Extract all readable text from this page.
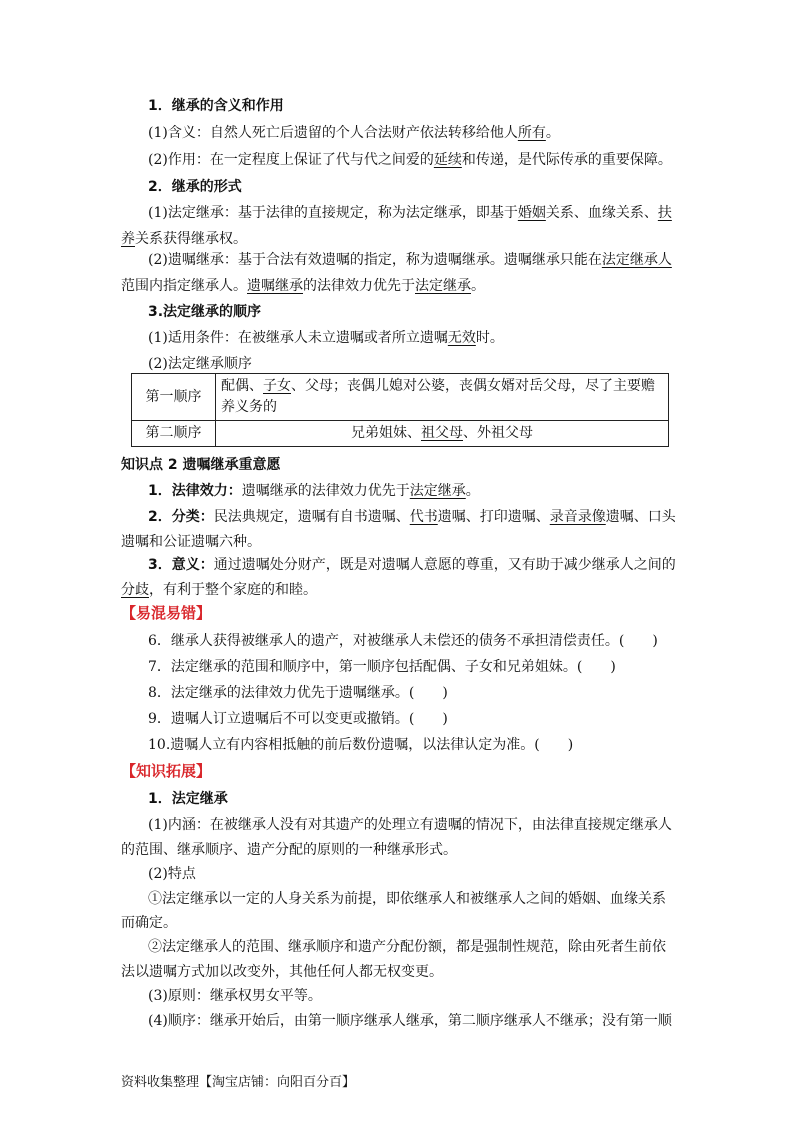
1．继承的含义和作用
(1)含义：自然人死亡后遗留的个人合法财产依法转移给他人所有。
(2)作用：在一定程度上保证了代与代之间爱的延续和传递，是代际传承的重要保障。
2．继承的形式
(1)法定继承：基于法律的直接规定，称为法定继承，即基于婚姻关系、血缘关系、扶
养关系获得继承权。
(2)遗嘱继承：基于合法有效遗嘱的指定，称为遗嘱继承。遗嘱继承只能在法定继承人
范围内指定继承人。遗嘱继承的法律效力优先于法定继承。
3.法定继承的顺序
(1)适用条件：在被继承人未立遗嘱或者所立遗嘱无效时。
(2)法定继承顺序
第一顺序	配偶、子女、父母；丧偶儿媳对公婆，丧偶女婿对岳父母，尽了主要赡
养义务的
第二顺序	兄弟姐妹、祖父母、外祖父母
知识点 2 遗嘱继承重意愿
1．法律效力：遗嘱继承的法律效力优先于法定继承。
2．分类：民法典规定，遗嘱有自书遗嘱、代书遗嘱、打印遗嘱、录音录像遗嘱、口头
遗嘱和公证遗嘱六种。
3．意义：通过遗嘱处分财产，既是对遗嘱人意愿的尊重，又有助于减少继承人之间的
分歧，有利于整个家庭的和睦。
【易混易错】
6．继承人获得被继承人的遗产，对被继承人未偿还的债务不承担清偿责任。(　　)
7．法定继承的范围和顺序中，第一顺序包括配偶、子女和兄弟姐妹。(　　)
8．法定继承的法律效力优先于遗嘱继承。(　　)
9．遗嘱人订立遗嘱后不可以变更或撤销。(　　)
10.遗嘱人立有内容相抵触的前后数份遗嘱，以法律认定为准。(　　)
【知识拓展】
1．法定继承
(1)内涵：在被继承人没有对其遗产的处理立有遗嘱的情况下，由法律直接规定继承人
的范围、继承顺序、遗产分配的原则的一种继承形式。
(2)特点
①法定继承以一定的人身关系为前提，即依继承人和被继承人之间的婚姻、血缘关系
而确定。
②法定继承人的范围、继承顺序和遗产分配份额，都是强制性规范，除由死者生前依
法以遗嘱方式加以改变外，其他任何人都无权变更。
(3)原则：继承权男女平等。
(4)顺序：继承开始后，由第一顺序继承人继承，第二顺序继承人不继承；没有第一顺
资料收集整理【淘宝店铺：向阳百分百】
